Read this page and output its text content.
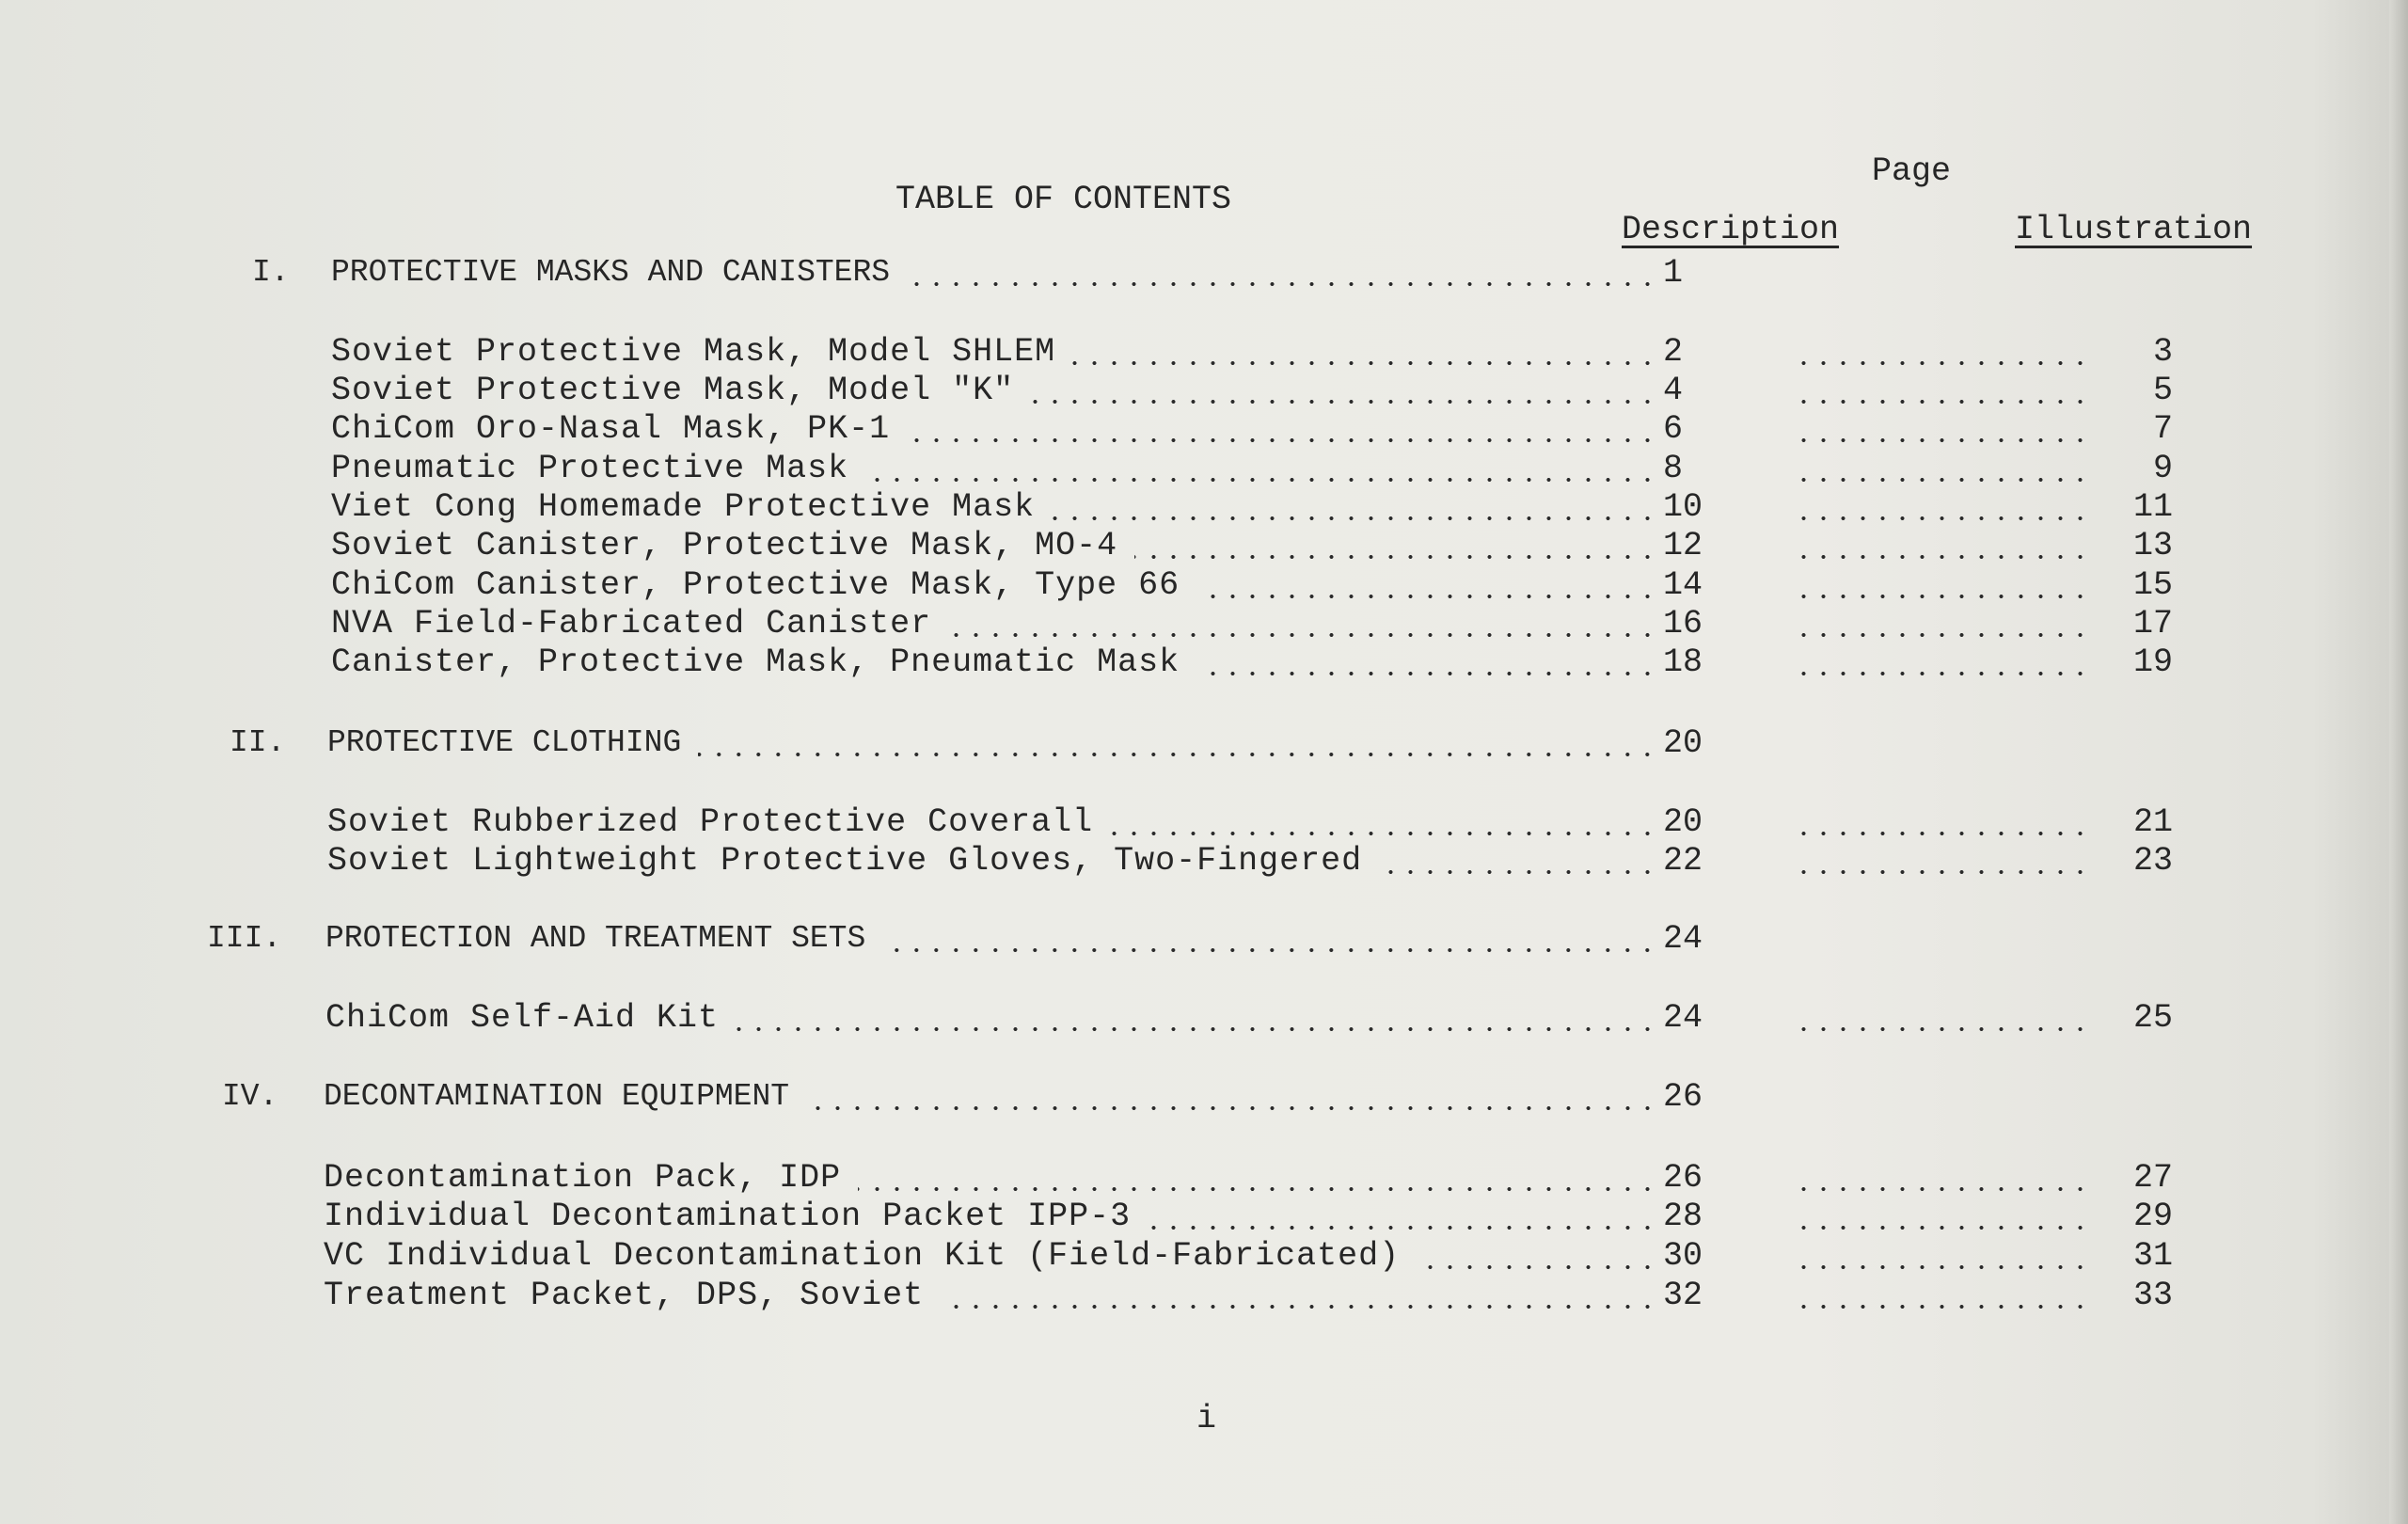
Page
TABLE OF CONTENTS
Description	Illustration
I. PROTECTIVE MASKS AND CANISTERS	1
Soviet Protective Mask, Model SHLEM	2	3
Soviet Protective Mask, Model "K"	4	5
ChiCom Oro-Nasal Mask, PK-1	6	7
Pneumatic Protective Mask	8	9
Viet Cong Homemade Protective Mask	10	11
Soviet Canister, Protective Mask, MO-4	12	13
ChiCom Canister, Protective Mask, Type 66	14	15
NVA Field-Fabricated Canister	16	17
Canister, Protective Mask, Pneumatic Mask	18	19
II. PROTECTIVE CLOTHING	20
Soviet Rubberized Protective Coverall	20	21
Soviet Lightweight Protective Gloves, Two-Fingered	22	23
III. PROTECTION AND TREATMENT SETS	24
ChiCom Self-Aid Kit	24	25
IV. DECONTAMINATION EQUIPMENT	26
Decontamination Pack, IDP	26	27
Individual Decontamination Packet IPP-3	28	29
VC Individual Decontamination Kit (Field-Fabricated)	30	31
Treatment Packet, DPS, Soviet	32	33
i
